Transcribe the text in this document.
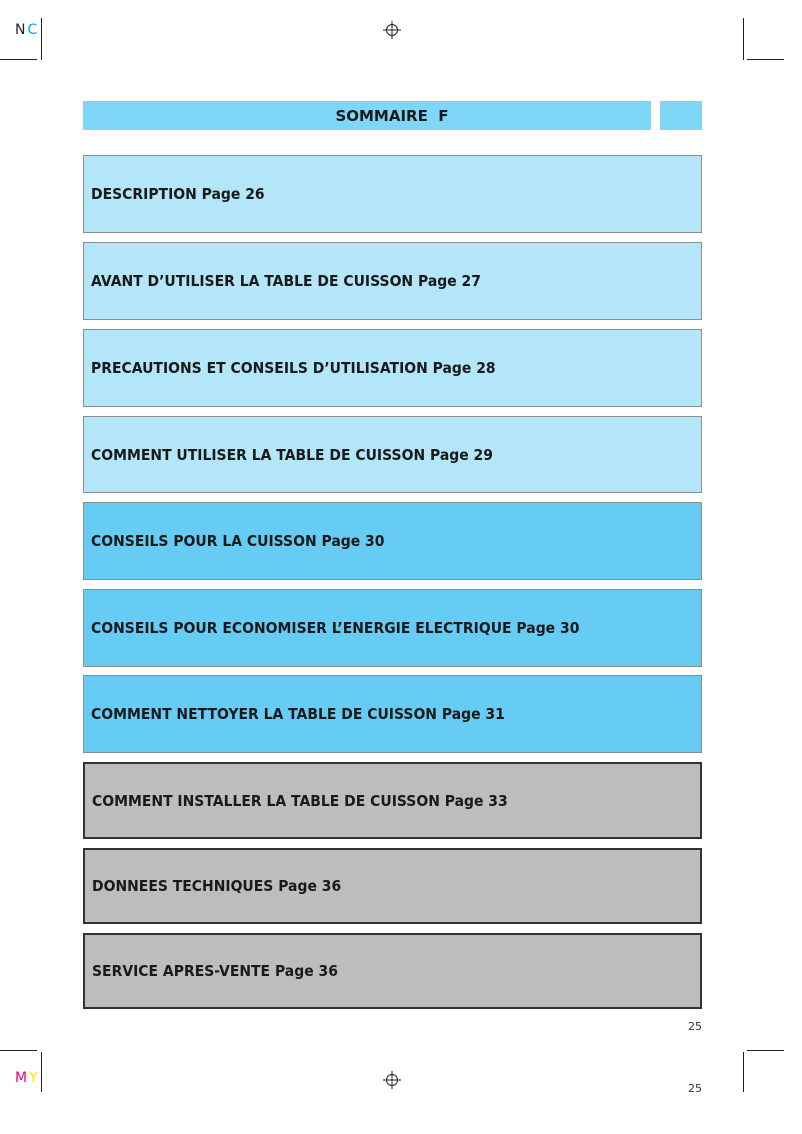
NC
MY
SOMMAIRE  F
DESCRIPTION Page 26
AVANT D’UTILISER LA TABLE DE CUISSON Page 27
PRECAUTIONS ET CONSEILS D’UTILISATION Page 28
COMMENT UTILISER LA TABLE DE CUISSON Page 29
CONSEILS POUR LA CUISSON Page 30
CONSEILS POUR ECONOMISER L’ENERGIE ELECTRIQUE Page 30
COMMENT NETTOYER LA TABLE DE CUISSON Page 31
COMMENT INSTALLER LA TABLE DE CUISSON Page 33
DONNEES TECHNIQUES Page 36
SERVICE APRES-VENTE Page 36
25
25
